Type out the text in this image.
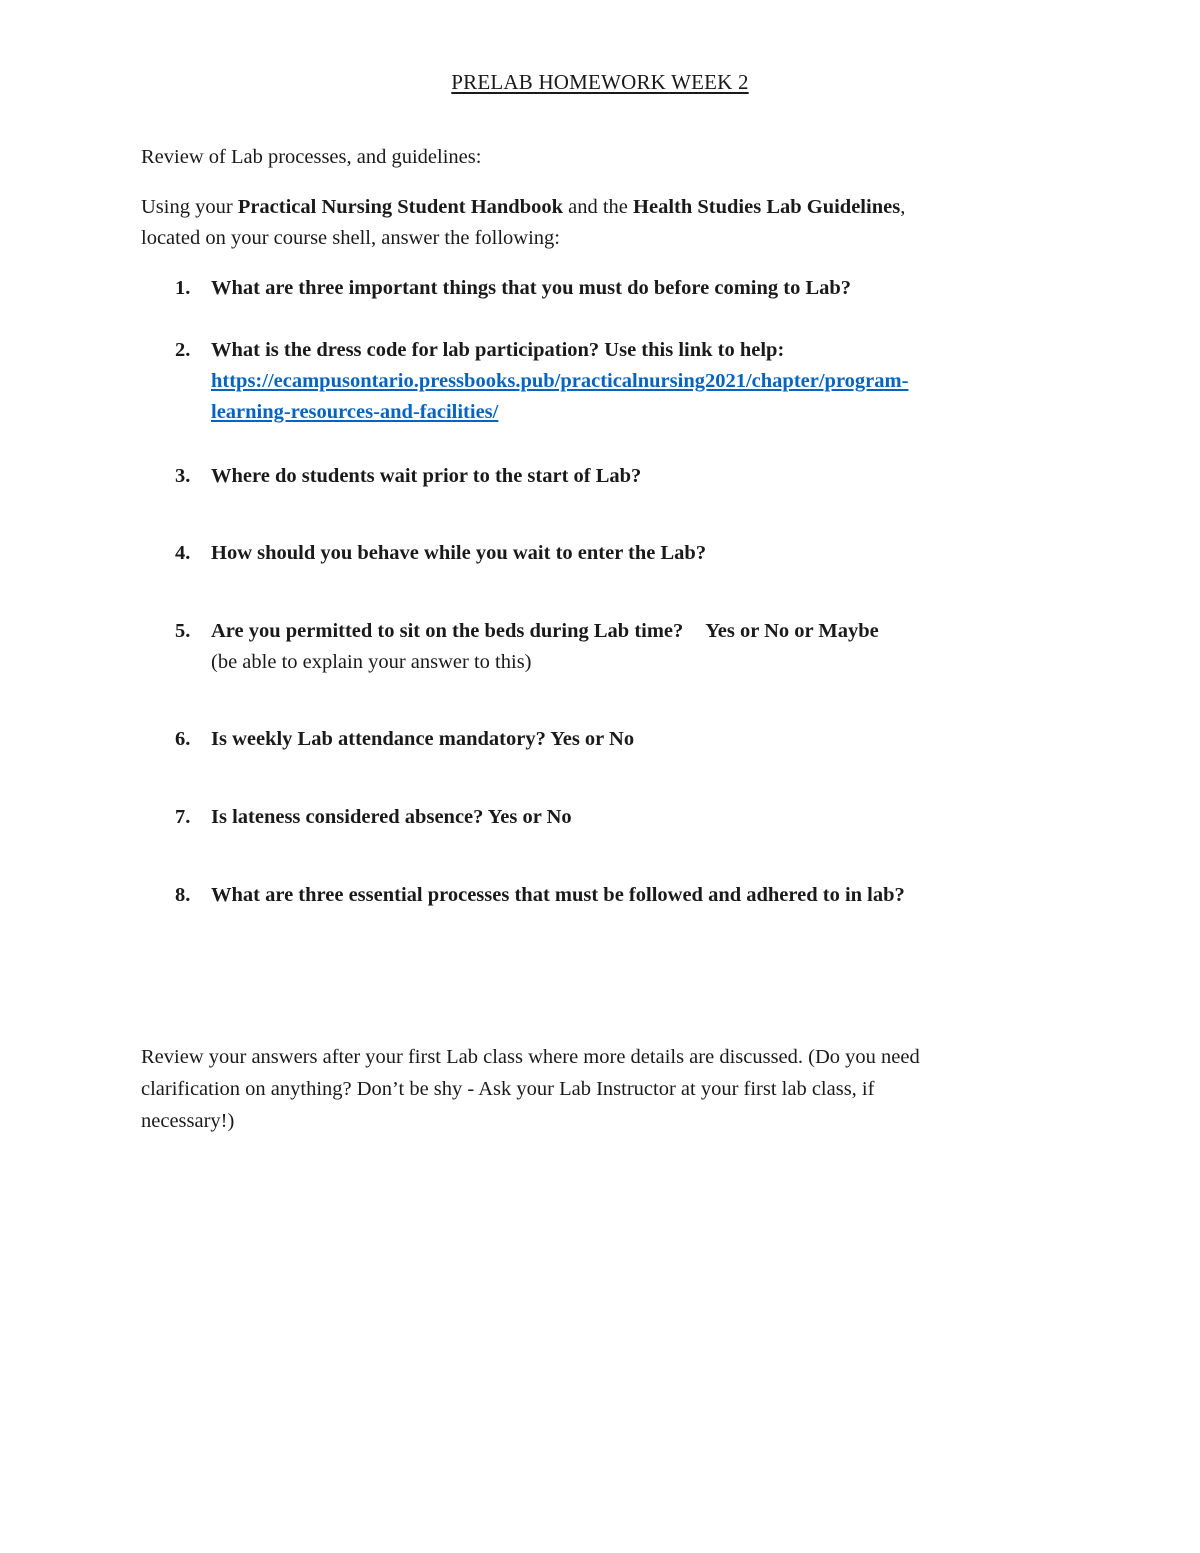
PRELAB HOMEWORK WEEK 2
Review of Lab processes, and guidelines:
Using your Practical Nursing Student Handbook and the Health Studies Lab Guidelines,
located on your course shell, answer the following:
1.	What are three important things that you must do before coming to Lab?
2.	What is the dress code for lab participation? Use this link to help:
https://ecampusontario.pressbooks.pub/practicalnursing2021/chapter/program-
learning-resources-and-facilities/
3.	Where do students wait prior to the start of Lab?
4.	How should you behave while you wait to enter the Lab?
5.	Are you permitted to sit on the beds during Lab time? Yes or No or Maybe
(be able to explain your answer to this)
6.	Is weekly Lab attendance mandatory? Yes or No
7.	Is lateness considered absence? Yes or No
8.	What are three essential processes that must be followed and adhered to in lab?
Review your answers after your first Lab class where more details are discussed. (Do you need
clarification on anything? Don’t be shy - Ask your Lab Instructor at your first lab class, if
necessary!)
